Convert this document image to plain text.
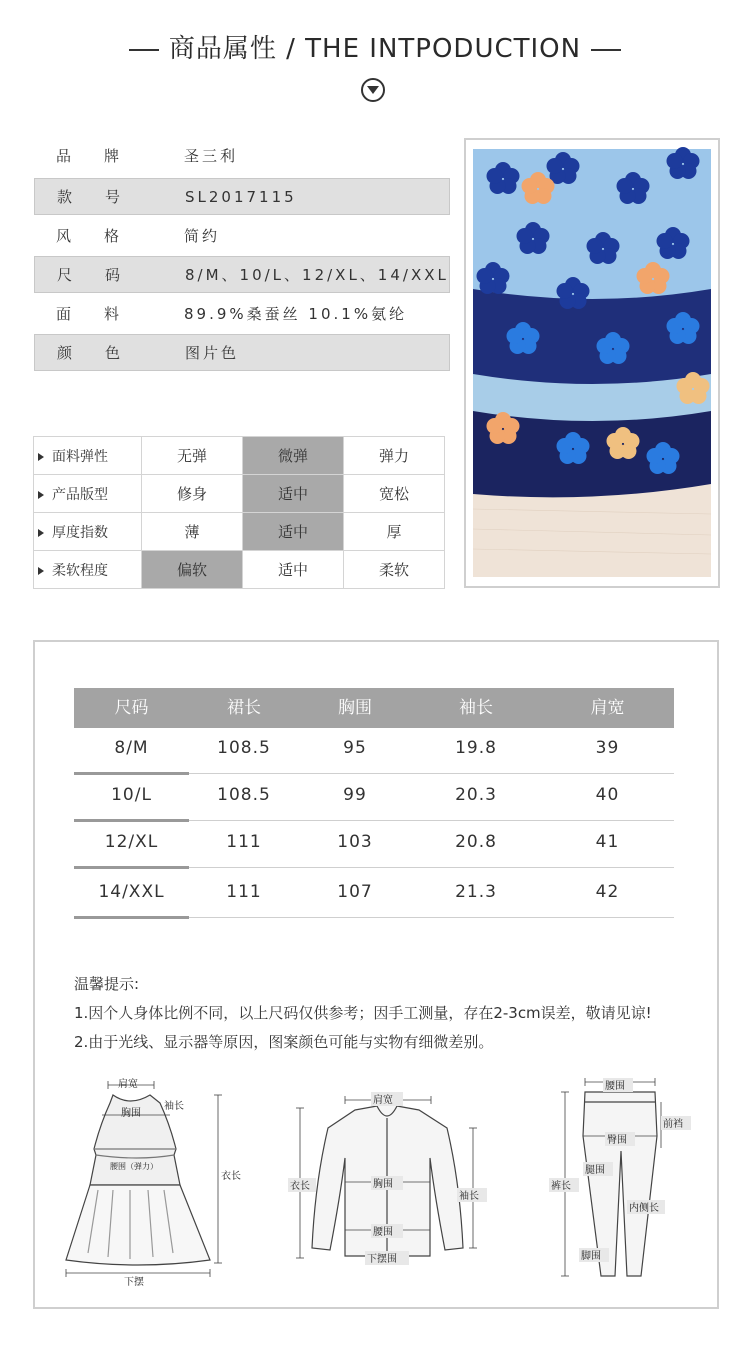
商品属性 / THE INTPODUCTION
品 牌	圣三利
款 号	SL2017115
风 格	简约
尺 码	8/M、10/L、12/XL、14/XXL
面 料	89.9%桑蚕丝 10.1%氨纶
颜 色	图片色
面料弹性	无弹	微弹	弹力
产品版型	修身	适中	宽松
厚度指数	薄	适中	厚
柔软程度	偏软	适中	柔软
尺码	裙长	胸围	袖长	肩宽
8/M	108.5	95	19.8	39
10/L	108.5	99	20.3	40
12/XL	111	103	20.8	41
14/XXL	111	107	21.3	42
温馨提示:
1.因个人身体比例不同，以上尺码仅供参考；因手工测量，存在2-3cm误差，敬请见谅!
2.由于光线、显示器等原因，图案颜色可能与实物有细微差别。
肩宽
胸围
袖长
腰围（弹力）
衣长
下摆
肩宽
衣长	胸围
袖长
腰围
下摆围
腰围
前裆
臀围
腿围
裤长
内侧长
脚围
